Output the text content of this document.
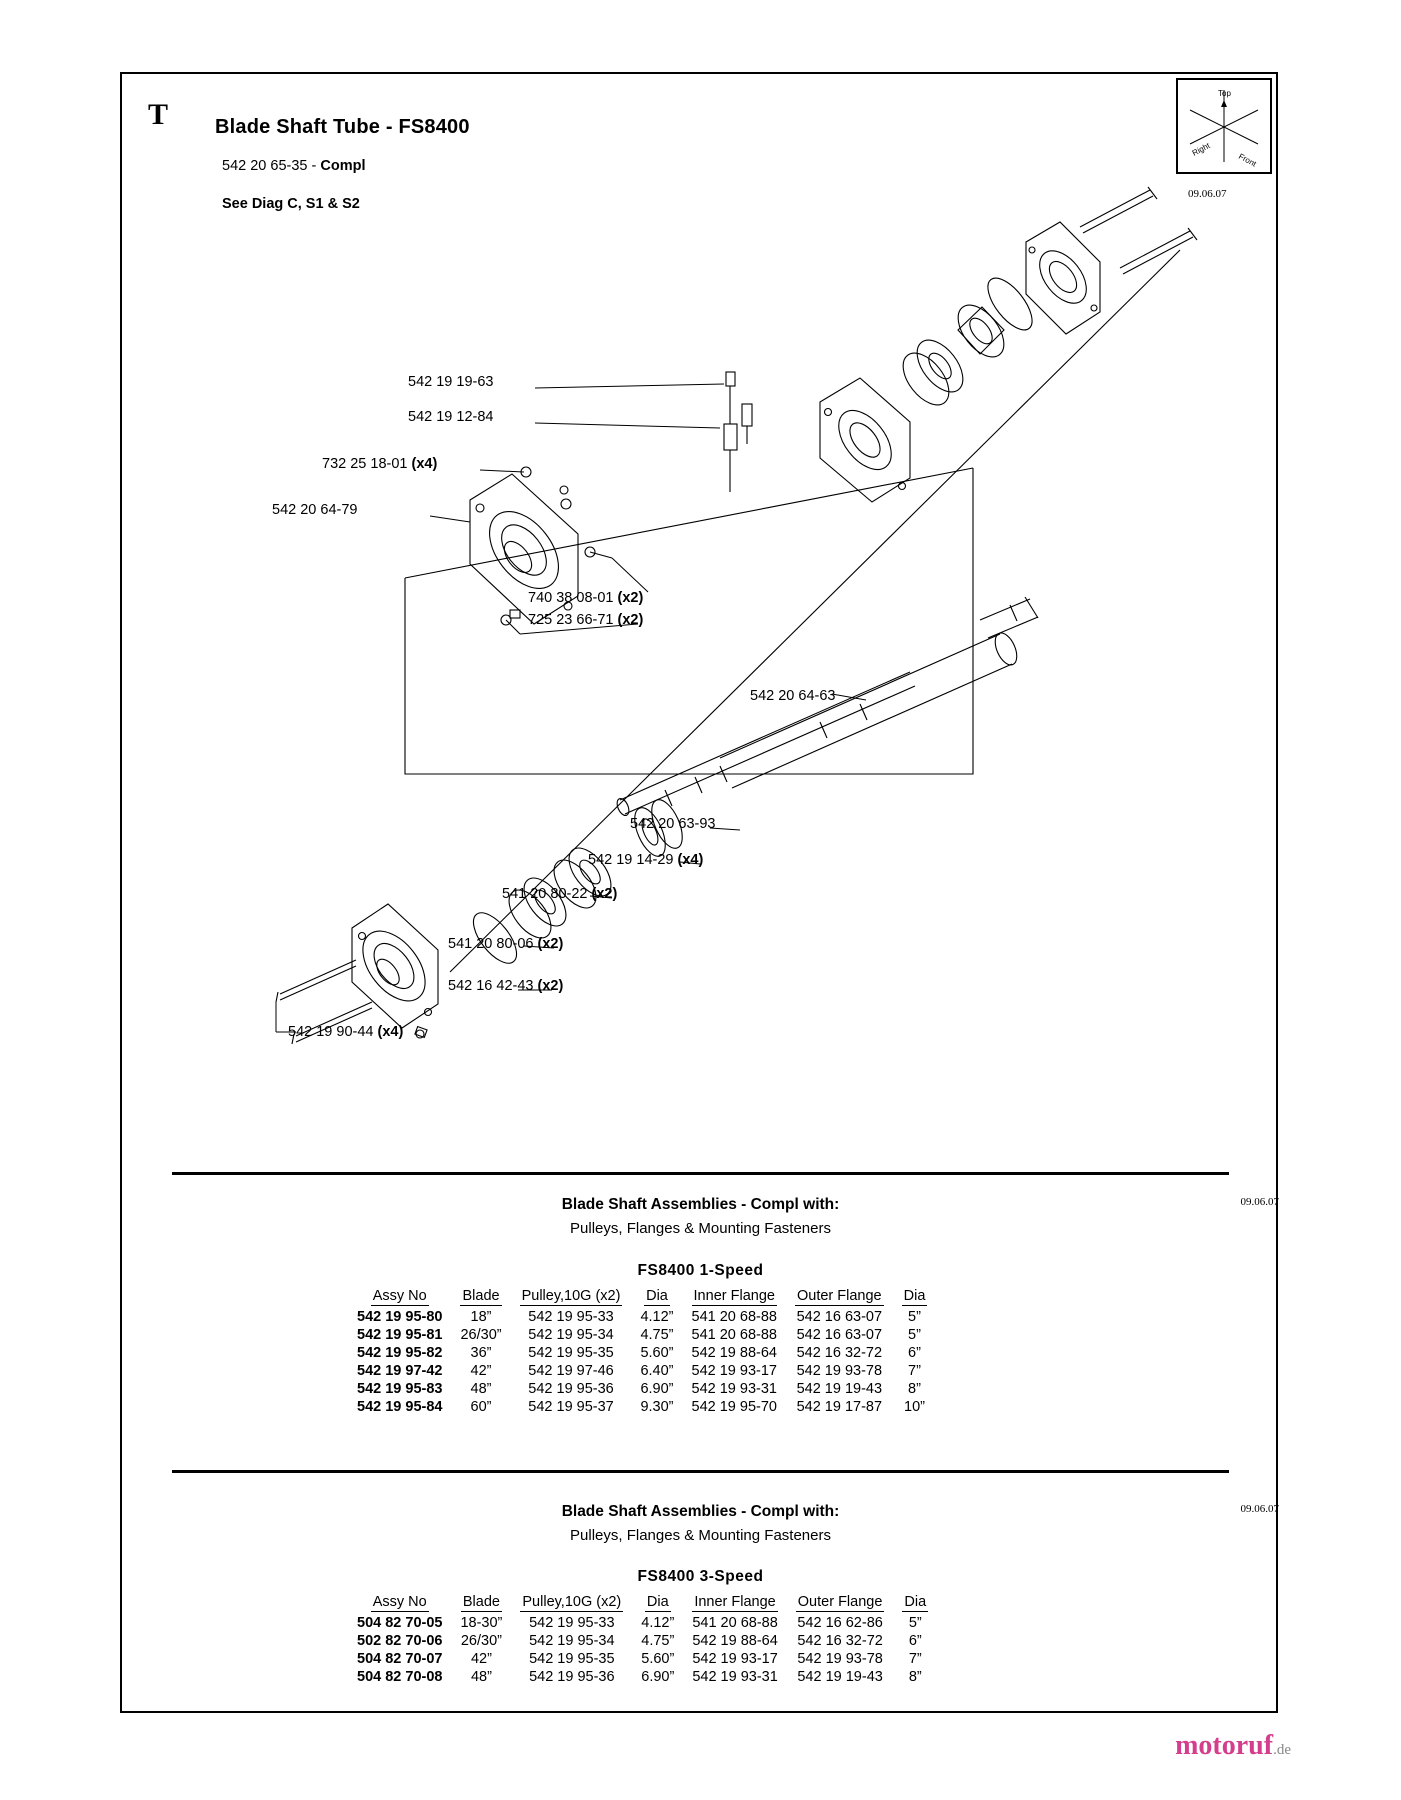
T Blade Shaft Tube - FS8400
542 20 65-35 - Compl
See Diag C, S1 & S2
Top
Right
Front
09.06.07
542 19 19-63
542 19 12-84
732 25 18-01 (x4)
542 20 64-79
740 38 08-01 (x2)
725 23 66-71 (x2)
542 20 64-63
542 20 63-93
542 19 14-29 (x4)
541 20 80-22 (x2)
541 20 80-06 (x2)
542 16 42-43 (x2)
542 19 90-44 (x4)
Blade Shaft Assemblies - Compl with:
Pulleys, Flanges & Mounting Fasteners
09.06.07
FS8400 1-Speed
Assy No	Blade	Pulley,10G (x2)	Dia	Inner Flange	Outer Flange	Dia
542 19 95-80	18”	542 19 95-33	4.12”	541 20 68-88	542 16 63-07	5”
542 19 95-81	26/30”	542 19 95-34	4.75”	541 20 68-88	542 16 63-07	5”
542 19 95-82	36”	542 19 95-35	5.60”	542 19 88-64	542 16 32-72	6”
542 19 97-42	42”	542 19 97-46	6.40”	542 19 93-17	542 19 93-78	7”
542 19 95-83	48”	542 19 95-36	6.90”	542 19 93-31	542 19 19-43	8”
542 19 95-84	60”	542 19 95-37	9.30”	542 19 95-70	542 19 17-87	10”
Blade Shaft Assemblies - Compl with:
Pulleys, Flanges & Mounting Fasteners
09.06.07
FS8400 3-Speed
Assy No	Blade	Pulley,10G (x2)	Dia	Inner Flange	Outer Flange	Dia
504 82 70-05	18-30”	542 19 95-33	4.12”	541 20 68-88	542 16 62-86	5”
502 82 70-06	26/30”	542 19 95-34	4.75”	542 19 88-64	542 16 32-72	6”
504 82 70-07	42”	542 19 95-35	5.60”	542 19 93-17	542 19 93-78	7”
504 82 70-08	48”	542 19 95-36	6.90”	542 19 93-31	542 19 19-43	8”
motoruf.de
